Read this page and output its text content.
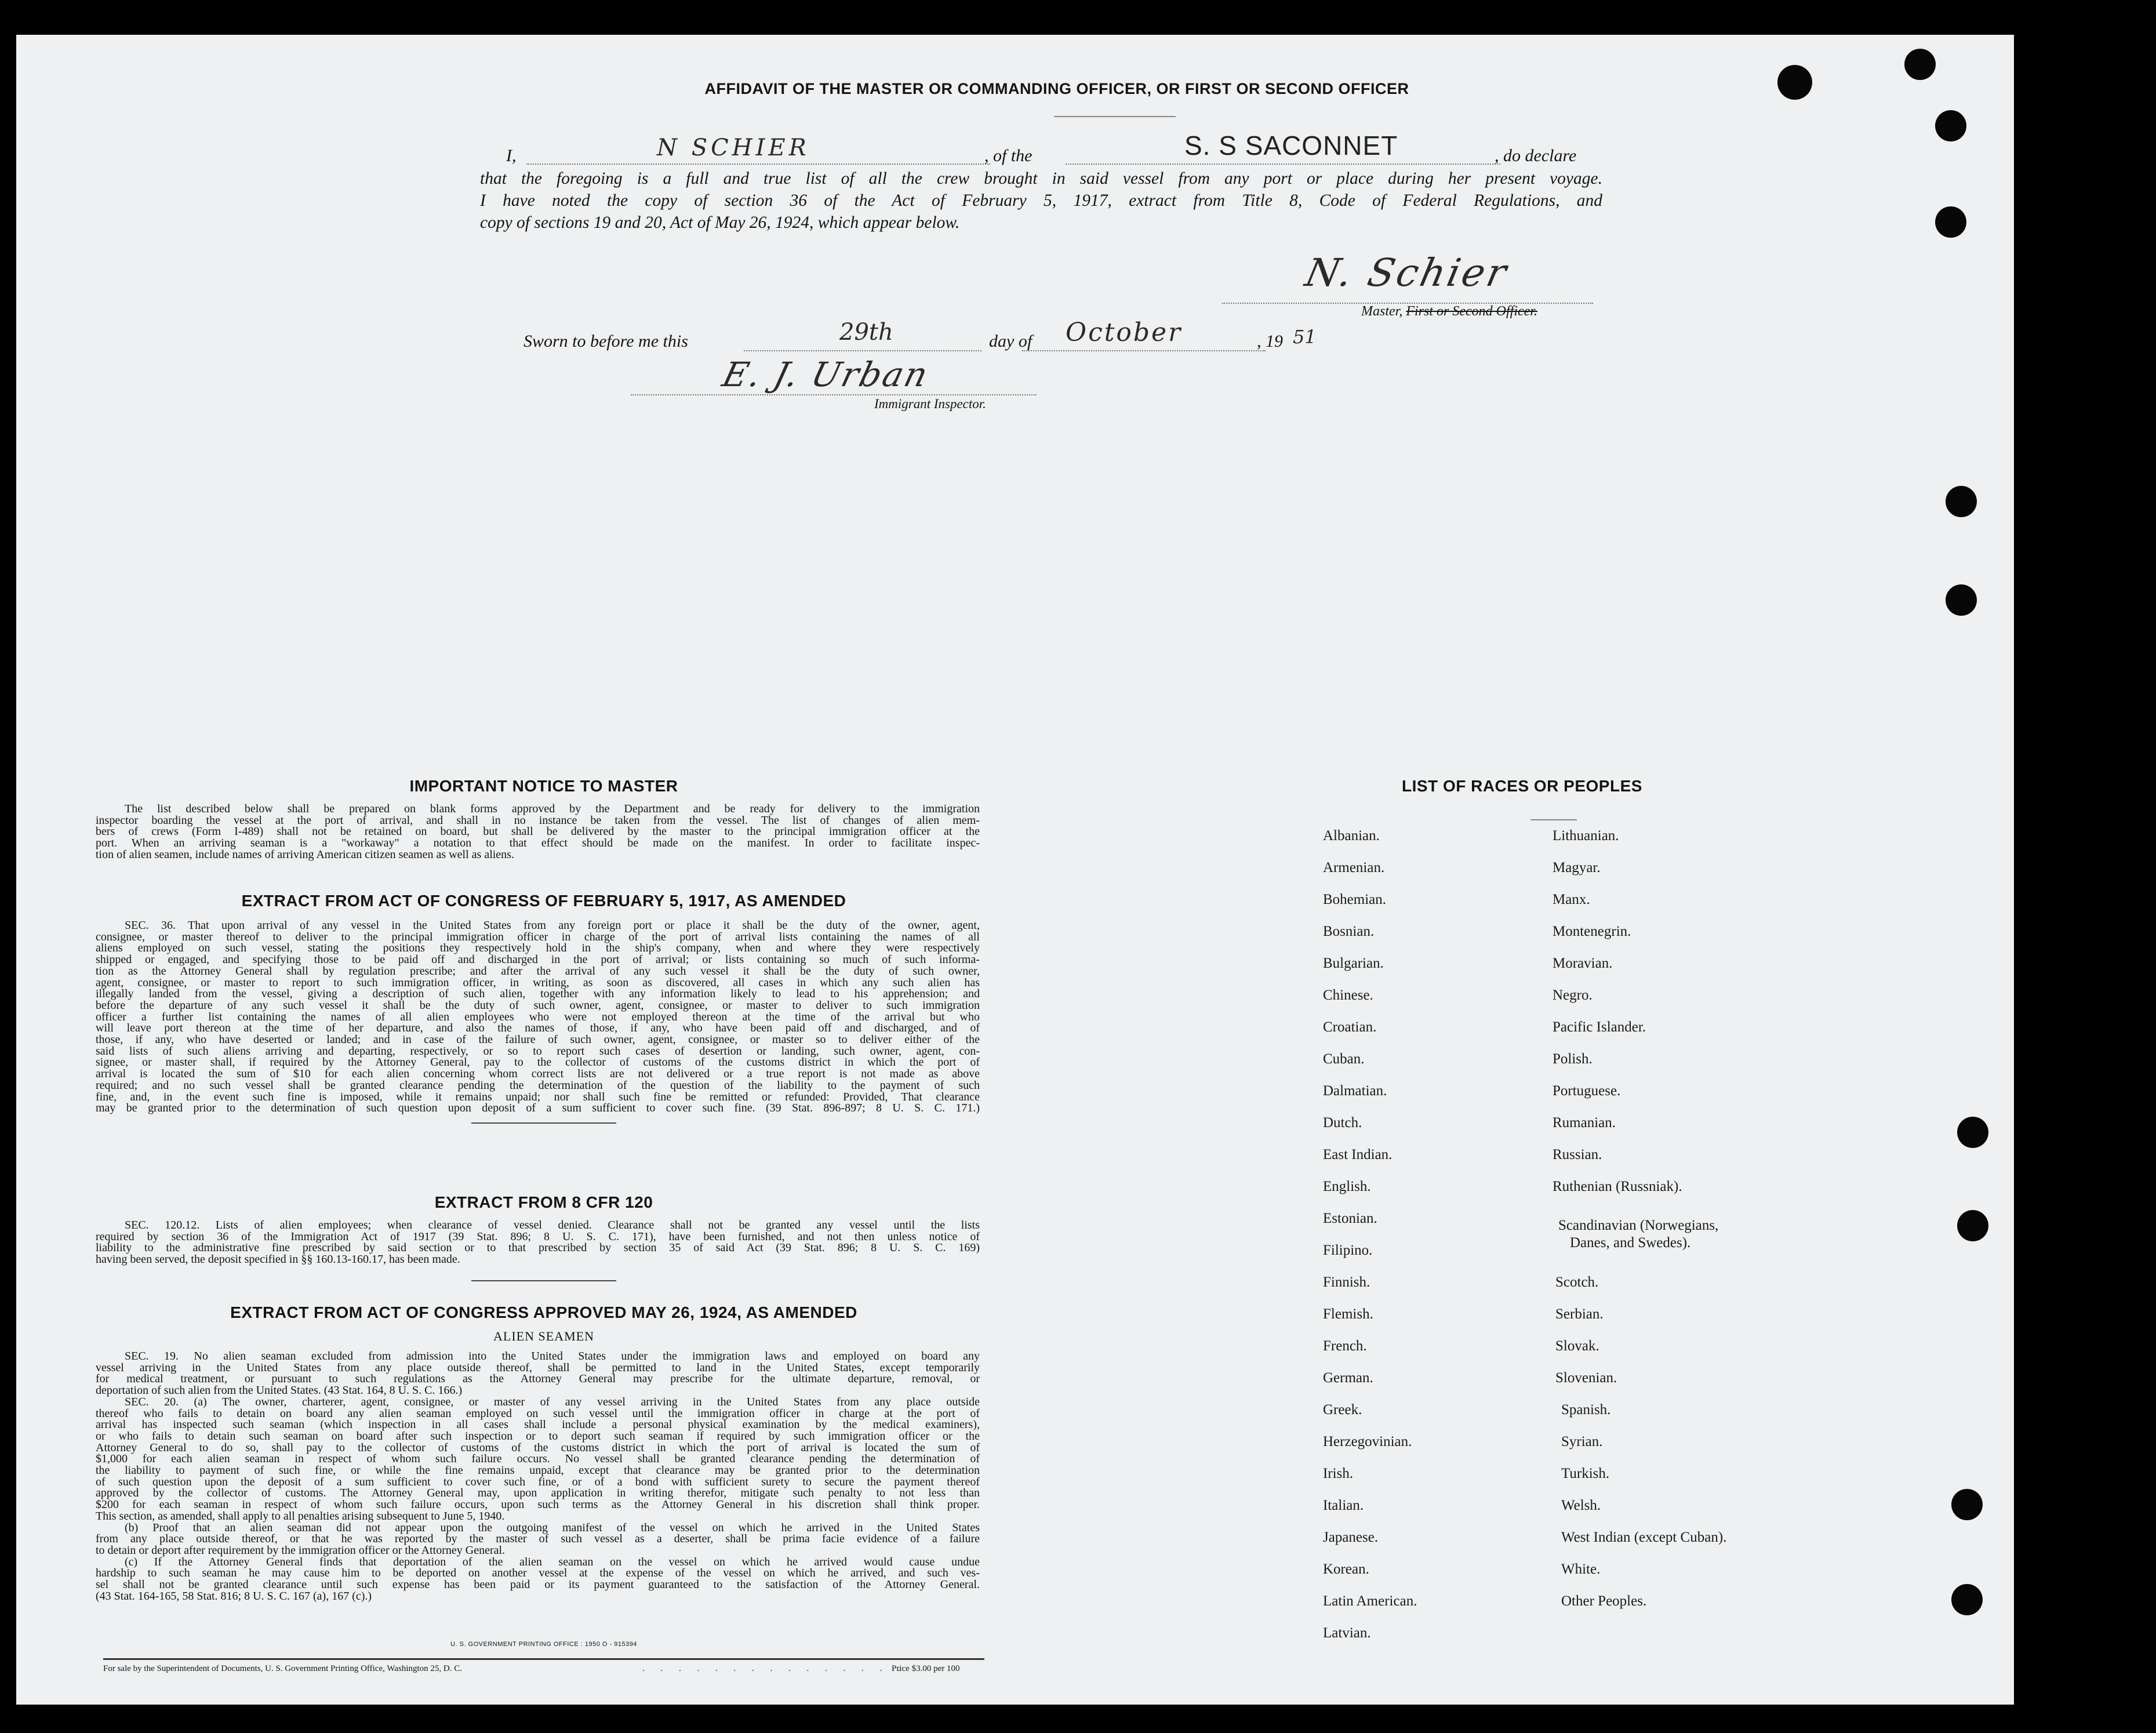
AFFIDAVIT OF THE MASTER OR COMMANDING OFFICER, OR FIRST OR SECOND OFFICER
I,	N SCHIER	, of the	S. S SACONNET	, do declare
that the foregoing is a full and true list of all the crew brought in said vessel from any port or place during her present voyage.
I have noted the copy of section 36 of the Act of February 5, 1917, extract from Title 8, Code of Federal Regulations, and
copy of sections 19 and 20, Act of May 26, 1924, which appear below.
N. Schier
Master, First or Second Officer.
Sworn to before me this	29th	day of October	, 19 51
E. J. Urban
Immigrant Inspector.
IMPORTANT NOTICE TO MASTER
The list described below shall be prepared on blank forms approved by the Department and be ready for delivery to the immigration
inspector boarding the vessel at the port of arrival, and shall in no instance be taken from the vessel. The list of changes of alien mem-
bers of crews (Form I-489) shall not be retained on board, but shall be delivered by the master to the principal immigration officer at the
port. When an arriving seaman is a "workaway" a notation to that effect should be made on the manifest. In order to facilitate inspec-
tion of alien seamen, include names of arriving American citizen seamen as well as aliens.
EXTRACT FROM ACT OF CONGRESS OF FEBRUARY 5, 1917, AS AMENDED
SEC. 36. That upon arrival of any vessel in the United States from any foreign port or place it shall be the duty of the owner, agent,
consignee, or master thereof to deliver to the principal immigration officer in charge of the port of arrival lists containing the names of all
aliens employed on such vessel, stating the positions they respectively hold in the ship's company, when and where they were respectively
shipped or engaged, and specifying those to be paid off and discharged in the port of arrival; or lists containing so much of such informa-
tion as the Attorney General shall by regulation prescribe; and after the arrival of any such vessel it shall be the duty of such owner,
agent, consignee, or master to report to such immigration officer, in writing, as soon as discovered, all cases in which any such alien has
illegally landed from the vessel, giving a description of such alien, together with any information likely to lead to his apprehension; and
before the departure of any such vessel it shall be the duty of such owner, agent, consignee, or master to deliver to such immigration
officer a further list containing the names of all alien employees who were not employed thereon at the time of the arrival but who
will leave port thereon at the time of her departure, and also the names of those, if any, who have been paid off and discharged, and of
those, if any, who have deserted or landed; and in case of the failure of such owner, agent, consignee, or master so to deliver either of the
said lists of such aliens arriving and departing, respectively, or so to report such cases of desertion or landing, such owner, agent, con-
signee, or master shall, if required by the Attorney General, pay to the collector of customs of the customs district in which the port of
arrival is located the sum of $10 for each alien concerning whom correct lists are not delivered or a true report is not made as above
required; and no such vessel shall be granted clearance pending the determination of the question of the liability to the payment of such
fine, and, in the event such fine is imposed, while it remains unpaid; nor shall such fine be remitted or refunded: Provided, That clearance
may be granted prior to the determination of such question upon deposit of a sum sufficient to cover such fine. (39 Stat. 896-897; 8 U. S. C. 171.)
EXTRACT FROM 8 CFR 120
SEC. 120.12. Lists of alien employees; when clearance of vessel denied. Clearance shall not be granted any vessel until the lists
required by section 36 of the Immigration Act of 1917 (39 Stat. 896; 8 U. S. C. 171), have been furnished, and not then unless notice of
liability to the administrative fine prescribed by said section or to that prescribed by section 35 of said Act (39 Stat. 896; 8 U. S. C. 169)
having been served, the deposit specified in §§ 160.13-160.17, has been made.
EXTRACT FROM ACT OF CONGRESS APPROVED MAY 26, 1924, AS AMENDED
ALIEN SEAMEN
SEC. 19. No alien seaman excluded from admission into the United States under the immigration laws and employed on board any
vessel arriving in the United States from any place outside thereof, shall be permitted to land in the United States, except temporarily
for medical treatment, or pursuant to such regulations as the Attorney General may prescribe for the ultimate departure, removal, or
deportation of such alien from the United States. (43 Stat. 164, 8 U. S. C. 166.)
SEC. 20. (a) The owner, charterer, agent, consignee, or master of any vessel arriving in the United States from any place outside
thereof who fails to detain on board any alien seaman employed on such vessel until the immigration officer in charge at the port of
arrival has inspected such seaman (which inspection in all cases shall include a personal physical examination by the medical examiners),
or who fails to detain such seaman on board after such inspection or to deport such seaman if required by such immigration officer or the
Attorney General to do so, shall pay to the collector of customs of the customs district in which the port of arrival is located the sum of
$1,000 for each alien seaman in respect of whom such failure occurs. No vessel shall be granted clearance pending the determination of
the liability to payment of such fine, or while the fine remains unpaid, except that clearance may be granted prior to the determination
of such question upon the deposit of a sum sufficient to cover such fine, or of a bond with sufficient surety to secure the payment thereof
approved by the collector of customs. The Attorney General may, upon application in writing therefor, mitigate such penalty to not less than
$200 for each seaman in respect of whom such failure occurs, upon such terms as the Attorney General in his discretion shall think proper.
This section, as amended, shall apply to all penalties arising subsequent to June 5, 1940.
(b) Proof that an alien seaman did not appear upon the outgoing manifest of the vessel on which he arrived in the United States
from any place outside thereof, or that he was reported by the master of such vessel as a deserter, shall be prima facie evidence of a failure
to detain or deport after requirement by the immigration officer or the Attorney General.
(c) If the Attorney General finds that deportation of the alien seaman on the vessel on which he arrived would cause undue
hardship to such seaman he may cause him to be deported on another vessel at the expense of the vessel on which he arrived, and such ves-
sel shall not be granted clearance until such expense has been paid or its payment guaranteed to the satisfaction of the Attorney General.
(43 Stat. 164-165, 58 Stat. 816; 8 U. S. C. 167 (a), 167 (c).)
U. S. GOVERNMENT PRINTING OFFICE : 1950 O - 915394
For sale by the Superintendent of Documents, U. S. Government Printing Office, Washington 25, D. C.	. . . . . . . . . . . . . . .
Price $3.00 per 100
LIST OF RACES OR PEOPLES
Albanian.
Armenian.
Bohemian.
Bosnian.
Bulgarian.
Chinese.
Croatian.
Cuban.
Dalmatian.
Dutch.
East Indian.
English.
Estonian.
Filipino.
Finnish.
Flemish.
French.
German.
Greek.
Herzegovinian.
Irish.
Italian.
Japanese.
Korean.
Latin American.
Latvian.
Lithuanian.
Magyar.
Manx.
Montenegrin.
Moravian.
Negro.
Pacific Islander.
Polish.
Portuguese.
Rumanian.
Russian.
Ruthenian (Russniak).
Scandinavian (Norwegians,
Danes, and Swedes).
Scotch.
Serbian.
Slovak.
Slovenian.
Spanish.
Syrian.
Turkish.
Welsh.
West Indian (except Cuban).
White.
Other Peoples.
